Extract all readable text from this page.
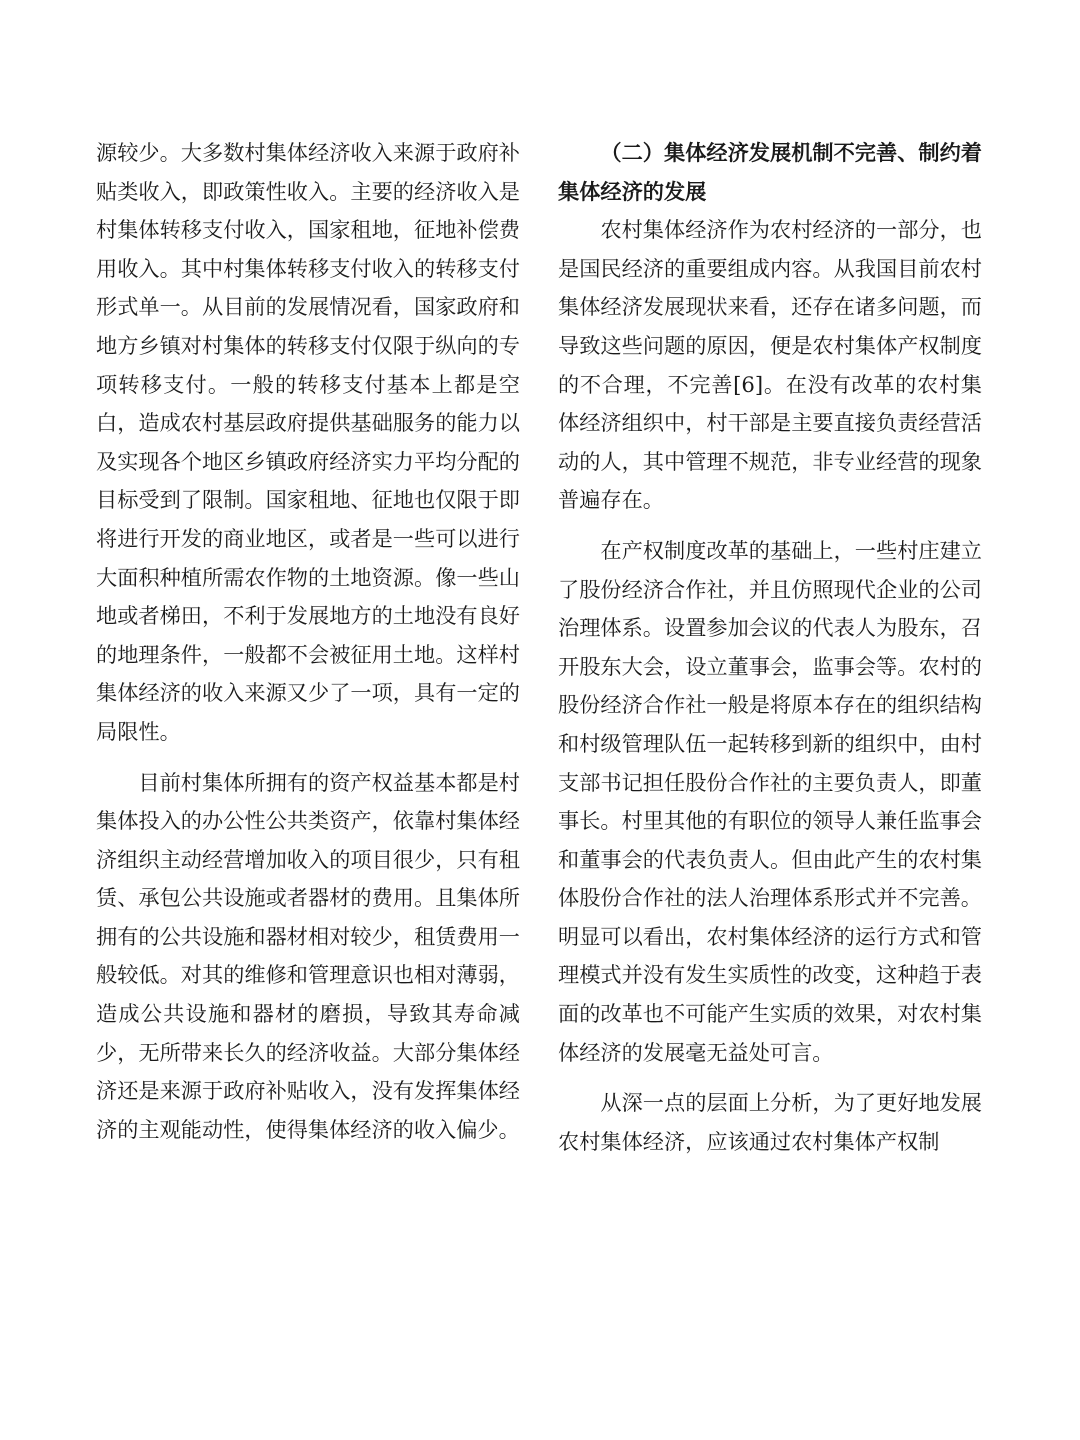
源较少。大多数村集体经济收入来源于政府补贴类收入，即政策性收入。主要的经济收入是村集体转移支付收入，国家租地，征地补偿费用收入。其中村集体转移支付收入的转移支付形式单一。从目前的发展情况看，国家政府和地方乡镇对村集体的转移支付仅限于纵向的专项转移支付。一般的转移支付基本上都是空白，造成农村基层政府提供基础服务的能力以及实现各个地区乡镇政府经济实力平均分配的目标受到了限制。国家租地、征地也仅限于即将进行开发的商业地区，或者是一些可以进行大面积种植所需农作物的土地资源。像一些山地或者梯田，不利于发展地方的土地没有良好的地理条件，一般都不会被征用土地。这样村集体经济的收入来源又少了一项，具有一定的局限性。

目前村集体所拥有的资产权益基本都是村集体投入的办公性公共类资产，依靠村集体经济组织主动经营增加收入的项目很少，只有租赁、承包公共设施或者器材的费用。且集体所拥有的公共设施和器材相对较少，租赁费用一般较低。对其的维修和管理意识也相对薄弱，造成公共设施和器材的磨损，导致其寿命减少，无所带来长久的经济收益。大部分集体经济还是来源于政府补贴收入，没有发挥集体经济的主观能动性，使得集体经济的收入偏少。

（二）集体经济发展机制不完善、制约着集体经济的发展

农村集体经济作为农村经济的一部分，也是国民经济的重要组成内容。从我国目前农村集体经济发展现状来看，还存在诸多问题，而导致这些问题的原因，便是农村集体产权制度的不合理，不完善[6]。在没有改革的农村集体经济组织中，村干部是主要直接负责经营活动的人，其中管理不规范，非专业经营的现象普遍存在。

在产权制度改革的基础上，一些村庄建立了股份经济合作社，并且仿照现代企业的公司治理体系。设置参加会议的代表人为股东，召开股东大会，设立董事会，监事会等。农村的股份经济合作社一般是将原本存在的组织结构和村级管理队伍一起转移到新的组织中，由村支部书记担任股份合作社的主要负责人，即董事长。村里其他的有职位的领导人兼任监事会和董事会的代表负责人。但由此产生的农村集体股份合作社的法人治理体系形式并不完善。明显可以看出，农村集体经济的运行方式和管理模式并没有发生实质性的改变，这种趋于表面的改革也不可能产生实质的效果，对农村集体经济的发展毫无益处可言。

从深一点的层面上分析，为了更好地发展农村集体经济，应该通过农村集体产权制
